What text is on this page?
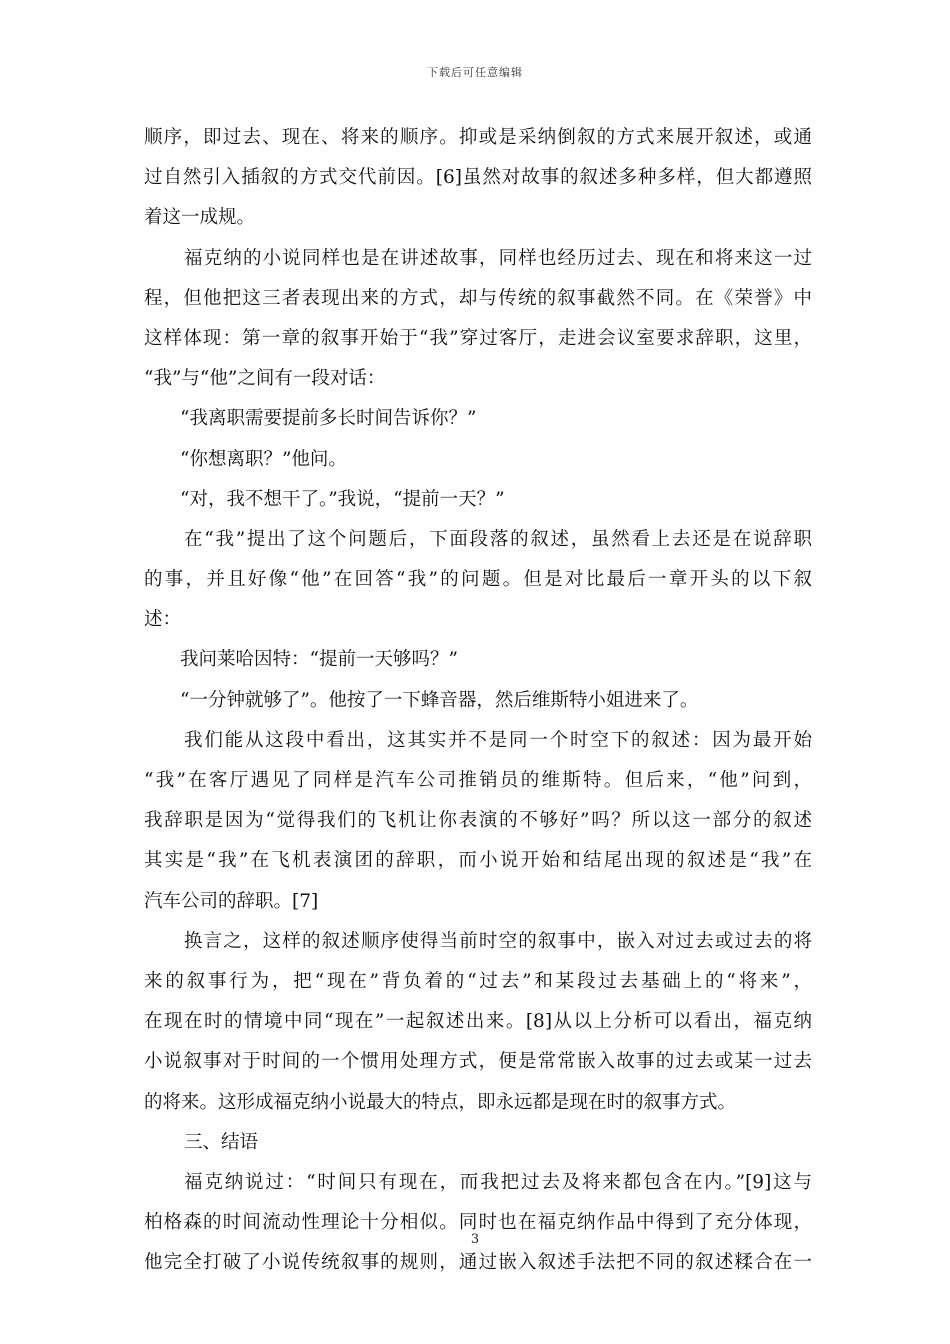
下载后可任意编辑
顺序，即过去、现在、将来的顺序。抑或是采纳倒叙的方式来展开叙述，或通
过自然引入插叙的方式交代前因。[6]虽然对故事的叙述多种多样，但大都遵照
着这一成规。
福克纳的小说同样也是在讲述故事，同样也经历过去、现在和将来这一过
程，但他把这三者表现出来的方式，却与传统的叙事截然不同。在《荣誉》中
这样体现：第一章的叙事开始于“我”穿过客厅，走进会议室要求辞职，这里，
“我”与“他”之间有一段对话：
“我离职需要提前多长时间告诉你？”
“你想离职？”他问。
“对，我不想干了。”我说，“提前一天？”
在“我”提出了这个问题后，下面段落的叙述，虽然看上去还是在说辞职
的事，并且好像“他”在回答“我”的问题。但是对比最后一章开头的以下叙
述：
我问莱哈因特：“提前一天够吗？”
“一分钟就够了”。他按了一下蜂音器，然后维斯特小姐进来了。
我们能从这段中看出，这其实并不是同一个时空下的叙述：因为最开始
“我”在客厅遇见了同样是汽车公司推销员的维斯特。但后来，“他”问到，
我辞职是因为“觉得我们的飞机让你表演的不够好”吗？所以这一部分的叙述
其实是“我”在飞机表演团的辞职，而小说开始和结尾出现的叙述是“我”在
汽车公司的辞职。[7]
换言之，这样的叙述顺序使得当前时空的叙事中，嵌入对过去或过去的将
来的叙事行为，把“现在”背负着的“过去”和某段过去基础上的“将来”，
在现在时的情境中同“现在”一起叙述出来。[8]从以上分析可以看出，福克纳
小说叙事对于时间的一个惯用处理方式，便是常常嵌入故事的过去或某一过去
的将来。这形成福克纳小说最大的特点，即永远都是现在时的叙事方式。
三、结语
福克纳说过：“时间只有现在，而我把过去及将来都包含在内。”[9]这与
柏格森的时间流动性理论十分相似。同时也在福克纳作品中得到了充分体现，
他完全打破了小说传统叙事的规则，通过嵌入叙述手法把不同的叙述糅合在一
3
